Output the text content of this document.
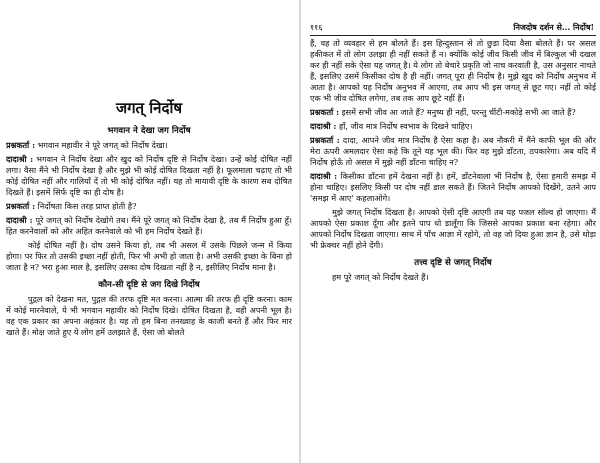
जगत् निर्दोष
भगवान ने देखा जग निर्दोष

प्रश्नकर्ता : भगवान महावीर ने पूरे जगत् को निर्दोष देखा।

दादाश्री : भगवान ने निर्दोष देखा और खुद को निर्दोष दृष्टि से निर्दोष देखा। उन्हें कोई दोषित नहीं लगा। वैसा मैंने भी निर्दोष देखा है और मुझे भी कोई दोषित दिखता नहीं है। फूलमाला चढ़ाए तो भी कोई दोषित नहीं और गालियाँ दें तो भी कोई दोषित नहीं। यह तो मायावी दृष्टि के कारण सब दोषित दिखते हैं। इसमें सिर्फ दृष्टि का ही दोष है।

प्रश्नकर्ता : निर्दोषता किस तरह प्राप्त होती है?

दादाश्री : पूरे जगत् को निर्दोष देखोगे तब। मैंने पूरे जगत् को निर्दोष देखा है, तब मैं निर्दोष हुआ हूँ। हित करनेवालों को और अहित करनेवाले को भी हम निर्दोष देखते हैं।

कोई दोषित नहीं है। दोष उसने किया हो, तब भी असल में उसके पिछले जन्म में किया होगा। पर फिर तो उसकी इच्छा नहीं होती, फिर भी अभी हो जाता है। अभी उसकी इच्छा के बिना हो जाता है न? भरा हुआ माल है, इसलिए उसका दोष दिखता नहीं है न, इसीलिए निर्दोष माना है।

कौन-सी दृष्टि से जग दिखे निर्दोष

पुद्गल को देखना मत, पुद्गल की तरफ दृष्टि मत करना। आत्मा की तरफ ही दृष्टि करना। काम में कोई मारनेवाले, ये भी भगवान महावीर को निर्दोष दिखे। दोषित दिखता है, वही अपनी भूल है। वह एक प्रकार का अपना अहंकार है। यह तो हम बिना तनख्वाह के काजी बनते हैं और फिर मार खाते हैं। मोक्ष जाते हुए ये लोग हमें उलझाते हैं, ऐसा जो बोलते

११६	निजदोष दर्शन से... निर्दोष!

हैं, वह तो व्यवहार से हम बोलते हैं। इस हिन्दुस्तान से तो छुडा दिया वैसा बोलते हैं। पर असल हकीकत में तो लोग उलझा ही नहीं सकते हैं न। क्योंकि कोई जीव किसी जीव में बिल्कुल भी दखल कर ही नहीं सके ऐसा यह जगत् है। ये लोग तो बेचारे प्रकृति जो नाच करवाती है, उस अनुसार नाचते हैं, इसलिए उसमें किसीका दोष है ही नहीं। जगत् पूरा ही निर्दोष है। मुझे खुद को निर्दोष अनुभव में आता है। आपको यह निर्दोष अनुभव में आएगा, तब आप भी इस जगत् से छूट गए। नहीं तो कोई एक भी जीव दोषित लगेगा, तब तक आप छूटे नहीं हैं।

प्रश्नकर्ता : इसमें सभी जीव आ जाते हैं? मनुष्य ही नहीं, परन्तु चींटी-मकोड़े सभी आ जाते हैं?

दादाश्री : हाँ, जीव मात्र निर्दोष स्वभाव के दिखने चाहिए।

प्रश्नकर्ता : दादा, आपने जीव मात्र निर्दोष है ऐसा कहा है। अब नौकरी में मैंने काफी भूल की और मेरा ऊपरी अमलदार ऐसा कहे कि तूने यह भूल की। फिर वह मुझे डाँटता, ठपकारेगा। अब यदि मैं निर्दोष होऊँ तो असल में मुझे नहीं डाँटना चाहिए न?

दादाश्री : किसीका डाँटना हमें देखना नहीं है। हमें, डाँटनेवाला भी निर्दोष है, ऐसा हमारी समझ में होना चाहिए। इसलिए किसी पर दोष नहीं डाल सकते हैं। जितने निर्दोष आपको दिखेंगे, उतने आप 'समझ में आए' कहलाओगे।

मुझे जगत् निर्दोष दिखता है। आपको ऐसी दृष्टि आएगी तब यह पजल सॉल्व हो जाएगा। मैं आपको ऐसा प्रकाश दूँगा और इतने पाप धो डालूँगा कि जिससे आपका प्रकाश बना रहेगा। और आपको निर्दोष दिखता जाएगा। साथ में पाँच आज्ञा में रहोगे, तो वह जो दिया हुआ ज्ञान है, उसे थोड़ा भी फ्रेक्चर नहीं होने देंगी।

तत्त्व दृष्टि से जगत् निर्दोष

हम पूरे जगत् को निर्दोष देखते हैं।
